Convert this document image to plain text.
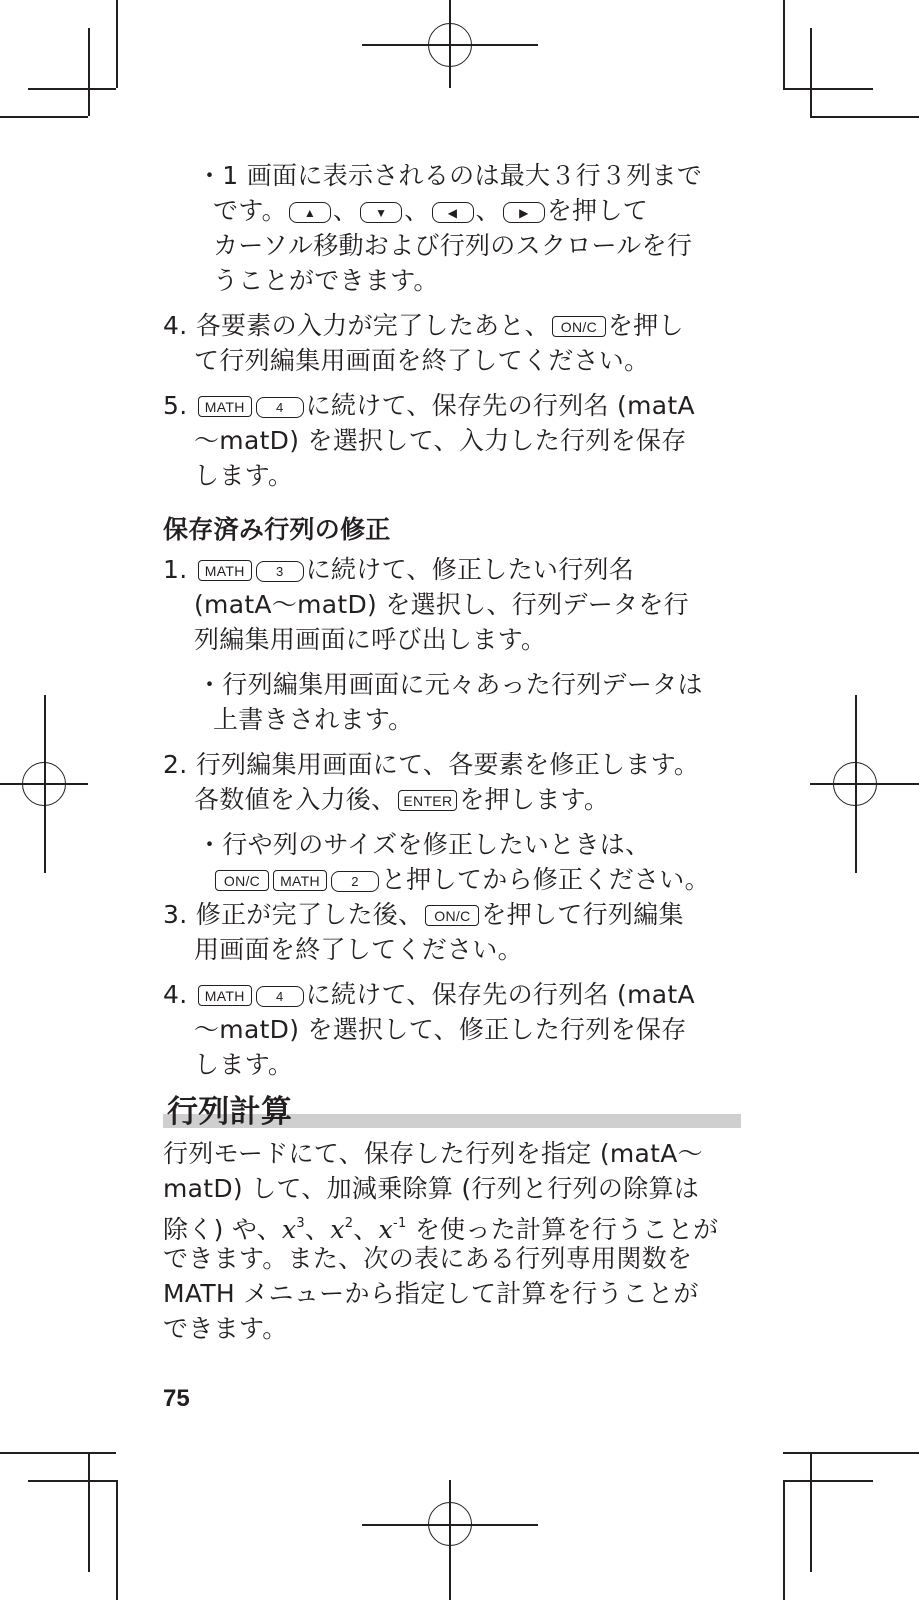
・1 画面に表示されるのは最大３行３列まで
です。 ▲ 、 ▼ 、 ◀ 、 ▶ を押して
カーソル移動および行列のスクロールを行
うことができます。
4. 各要素の入力が完了したあと、 ON/C を押し
て行列編集用画面を終了してください。
5. MATH 4 に続けて、保存先の行列名 (matA
～matD) を選択して、入力した行列を保存
します。
保存済み行列の修正
1. MATH 3 に続けて、修正したい行列名
(matA～matD) を選択し、行列データを行
列編集用画面に呼び出します。
・行列編集用画面に元々あった行列データは
上書きされます。
2. 行列編集用画面にて、各要素を修正します。
各数値を入力後、 ENTER を押します。
・行や列のサイズを修正したいときは、
ON/C MATH 2 と押してから修正ください。
3. 修正が完了した後、 ON/C を押して行列編集
用画面を終了してください。
4. MATH 4 に続けて、保存先の行列名 (matA
～matD) を選択して、修正した行列を保存
します。
行列計算
行列モードにて、保存した行列を指定 (matA～
matD) して、加減乗除算 (行列と行列の除算は
除く) や、$x^3$、$x^2$、$x^{-1}$ を使った計算を行うことが
できます。また、次の表にある行列専用関数を
MATH メニューから指定して計算を行うことが
できます。
75
